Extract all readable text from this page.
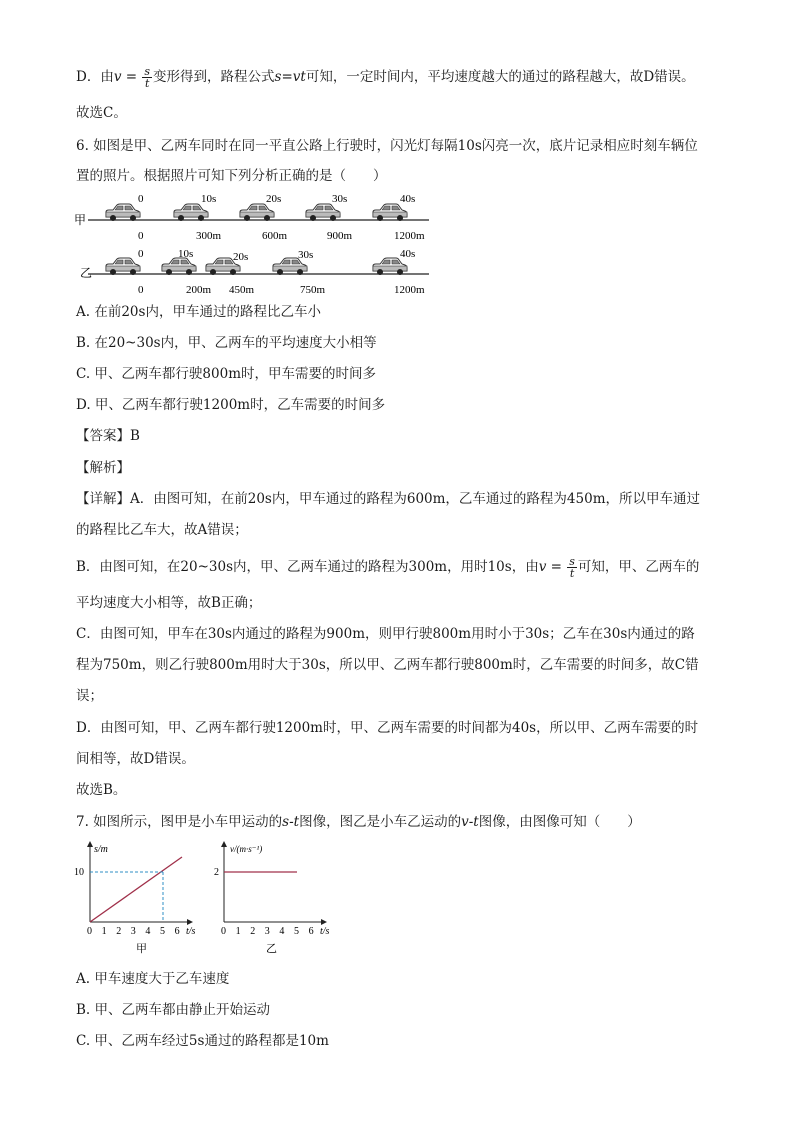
D．由$v = \frac{s}{t}$ 变形得到，路程公式s=vt可知，一定时间内，平均速度越大的通过的路程越大，故D错误。
故选C。
6. 如图是甲、乙两车同时在同一平直公路上行驶时，闪光灯每隔10s闪亮一次，底片记录相应时刻车辆位
置的照片。根据照片可知下列分析正确的是（　　）
甲
0	10s	20s	30s	40s
0	300m	600m	900m	1200m
乙
0	10s	20s	30s	40s
0	200m 450m	750m	1200m
A. 在前20s内，甲车通过的路程比乙车小
B. 在20~30s内，甲、乙两车的平均速度大小相等
C. 甲、乙两车都行驶800m时，甲车需要的时间多
D. 甲、乙两车都行驶1200m时，乙车需要的时间多
【答案】B
【解析】
【详解】A．由图可知，在前20s内，甲车通过的路程为600m，乙车通过的路程为450m，所以甲车通过
的路程比乙车大，故A错误；
B．由图可知，在20~30s内，甲、乙两车通过的路程为300m，用时10s，由$v = \frac{s}{t}$ 可知，甲、乙两车的
平均速度大小相等，故B正确；
C．由图可知，甲车在30s内通过的路程为900m，则甲行驶800m用时小于30s；乙车在30s内通过的路
程为750m，则乙行驶800m用时大于30s，所以甲、乙两车都行驶800m时，乙车需要的时间多，故C错
误；
D．由图可知，甲、乙两车都行驶1200m时，甲、乙两车需要的时间都为40s，所以甲、乙两车需要的时
间相等，故D错误。
故选B。
7. 如图所示，图甲是小车甲运动的s-t图像，图乙是小车乙运动的v-t图像，由图像可知（　　）
s/m
t/s
10
0 1 2 3 4 5 6
甲
v/(m·s⁻¹)
t/s
2
0 1 2 3 4 5 6
乙
A. 甲车速度大于乙车速度
B. 甲、乙两车都由静止开始运动
C. 甲、乙两车经过5s通过的路程都是10m
